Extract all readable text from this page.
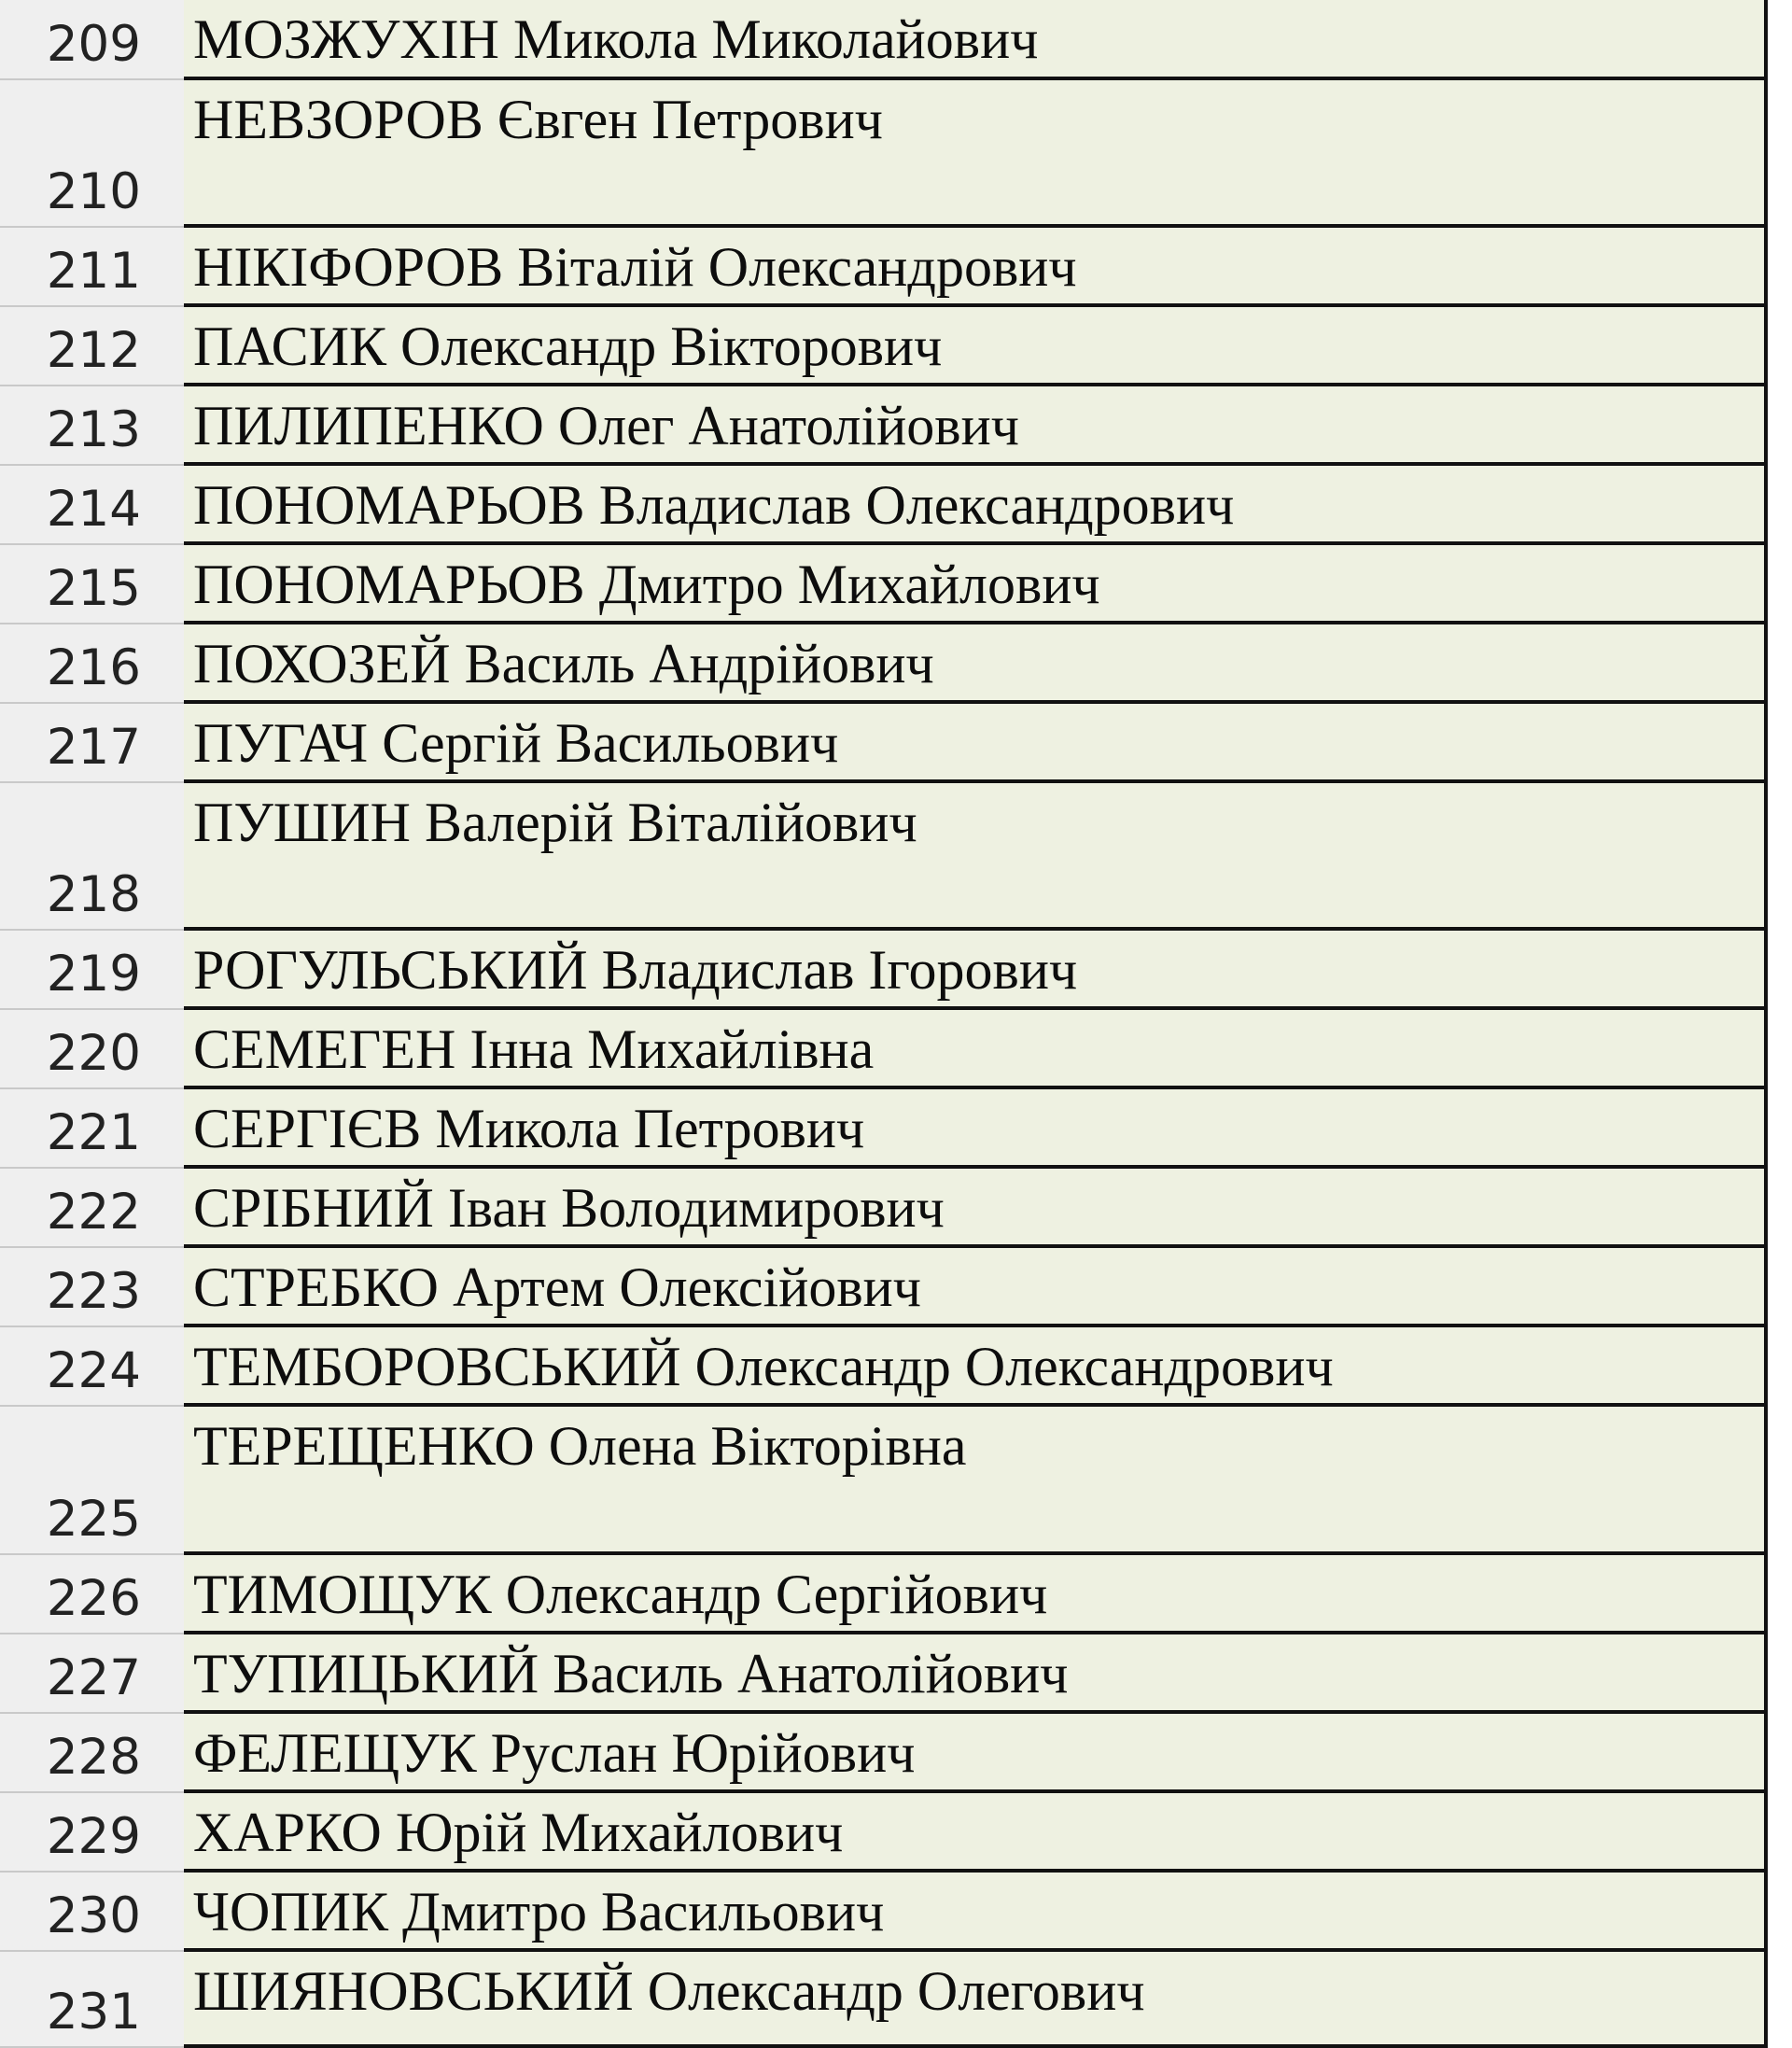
209 МОЗЖУХІН Микола Миколайович
210
НЕВЗОРОВ Євген Петрович
211 НІКІФОРОВ Віталій Олександрович
212 ПАСИК Олександр Вікторович
213 ПИЛИПЕНКО Олег Анатолійович
214 ПОНОМАРЬОВ Владислав Олександрович
215 ПОНОМАРЬОВ Дмитро Михайлович
216 ПОХОЗЕЙ Василь Андрійович
217 ПУГАЧ Сергій Васильович
218
ПУШИН Валерій Віталійович
219 РОГУЛЬСЬКИЙ Владислав Ігорович
220 СЕМЕГЕН Інна Михайлівна
221 СЕРГІЄВ Микола Петрович
222 СРІБНИЙ Іван Володимирович
223 СТРЕБКО Артем Олексійович
224 ТЕМБОРОВСЬКИЙ Олександр Олександрович
225
ТЕРЕЩЕНКО Олена Вікторівна
226 ТИМОЩУК Олександр Сергійович
227 ТУПИЦЬКИЙ Василь Анатолійович
228 ФЕЛЕЩУК Руслан Юрійович
229 ХАРКО Юрій Михайлович
230 ЧОПИК Дмитро Васильович
231 ШИЯНОВСЬКИЙ Олександр Олегович
